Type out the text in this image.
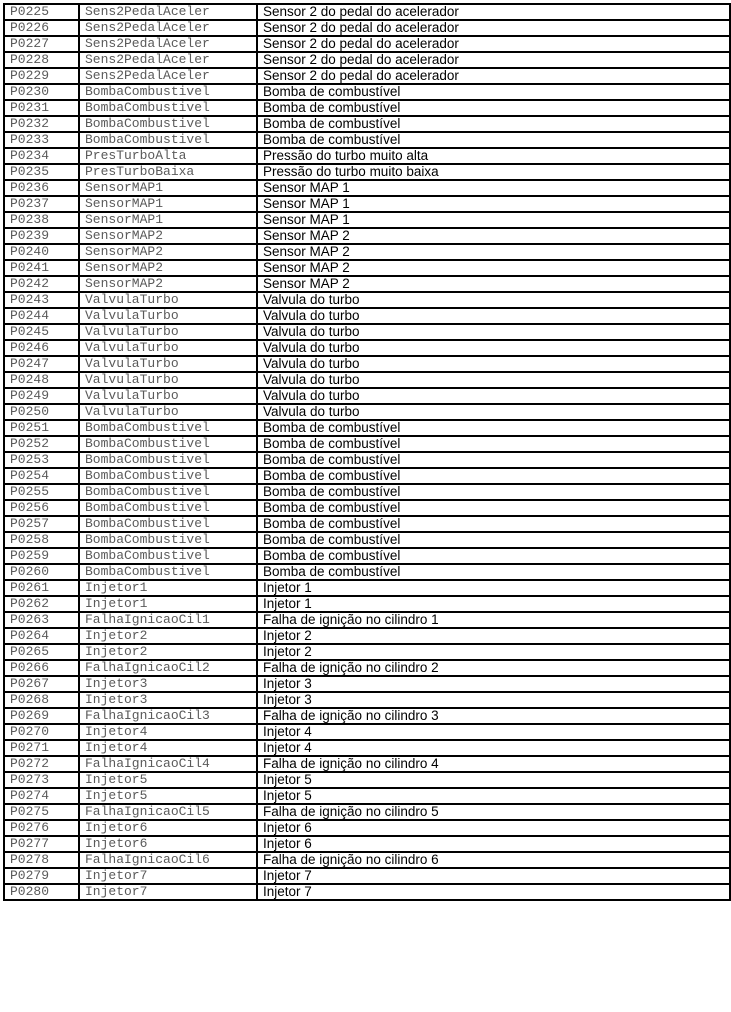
P0225	Sens2PedalAceler	Sensor 2 do pedal do acelerador
P0226	Sens2PedalAceler	Sensor 2 do pedal do acelerador
P0227	Sens2PedalAceler	Sensor 2 do pedal do acelerador
P0228	Sens2PedalAceler	Sensor 2 do pedal do acelerador
P0229	Sens2PedalAceler	Sensor 2 do pedal do acelerador
P0230	BombaCombustivel	Bomba de combustível
P0231	BombaCombustivel	Bomba de combustível
P0232	BombaCombustivel	Bomba de combustível
P0233	BombaCombustivel	Bomba de combustível
P0234	PresTurboAlta	Pressão do turbo muito alta
P0235	PresTurboBaixa	Pressão do turbo muito baixa
P0236	SensorMAP1	Sensor MAP 1
P0237	SensorMAP1	Sensor MAP 1
P0238	SensorMAP1	Sensor MAP 1
P0239	SensorMAP2	Sensor MAP 2
P0240	SensorMAP2	Sensor MAP 2
P0241	SensorMAP2	Sensor MAP 2
P0242	SensorMAP2	Sensor MAP 2
P0243	ValvulaTurbo	Valvula do turbo
P0244	ValvulaTurbo	Valvula do turbo
P0245	ValvulaTurbo	Valvula do turbo
P0246	ValvulaTurbo	Valvula do turbo
P0247	ValvulaTurbo	Valvula do turbo
P0248	ValvulaTurbo	Valvula do turbo
P0249	ValvulaTurbo	Valvula do turbo
P0250	ValvulaTurbo	Valvula do turbo
P0251	BombaCombustivel	Bomba de combustível
P0252	BombaCombustivel	Bomba de combustível
P0253	BombaCombustivel	Bomba de combustível
P0254	BombaCombustivel	Bomba de combustível
P0255	BombaCombustivel	Bomba de combustível
P0256	BombaCombustivel	Bomba de combustível
P0257	BombaCombustivel	Bomba de combustível
P0258	BombaCombustivel	Bomba de combustível
P0259	BombaCombustivel	Bomba de combustível
P0260	BombaCombustivel	Bomba de combustível
P0261	Injetor1	Injetor 1
P0262	Injetor1	Injetor 1
P0263	FalhaIgnicaoCil1	Falha de ignição no cilindro 1
P0264	Injetor2	Injetor 2
P0265	Injetor2	Injetor 2
P0266	FalhaIgnicaoCil2	Falha de ignição no cilindro 2
P0267	Injetor3	Injetor 3
P0268	Injetor3	Injetor 3
P0269	FalhaIgnicaoCil3	Falha de ignição no cilindro 3
P0270	Injetor4	Injetor 4
P0271	Injetor4	Injetor 4
P0272	FalhaIgnicaoCil4	Falha de ignição no cilindro 4
P0273	Injetor5	Injetor 5
P0274	Injetor5	Injetor 5
P0275	FalhaIgnicaoCil5	Falha de ignição no cilindro 5
P0276	Injetor6	Injetor 6
P0277	Injetor6	Injetor 6
P0278	FalhaIgnicaoCil6	Falha de ignição no cilindro 6
P0279	Injetor7	Injetor 7
P0280	Injetor7	Injetor 7
